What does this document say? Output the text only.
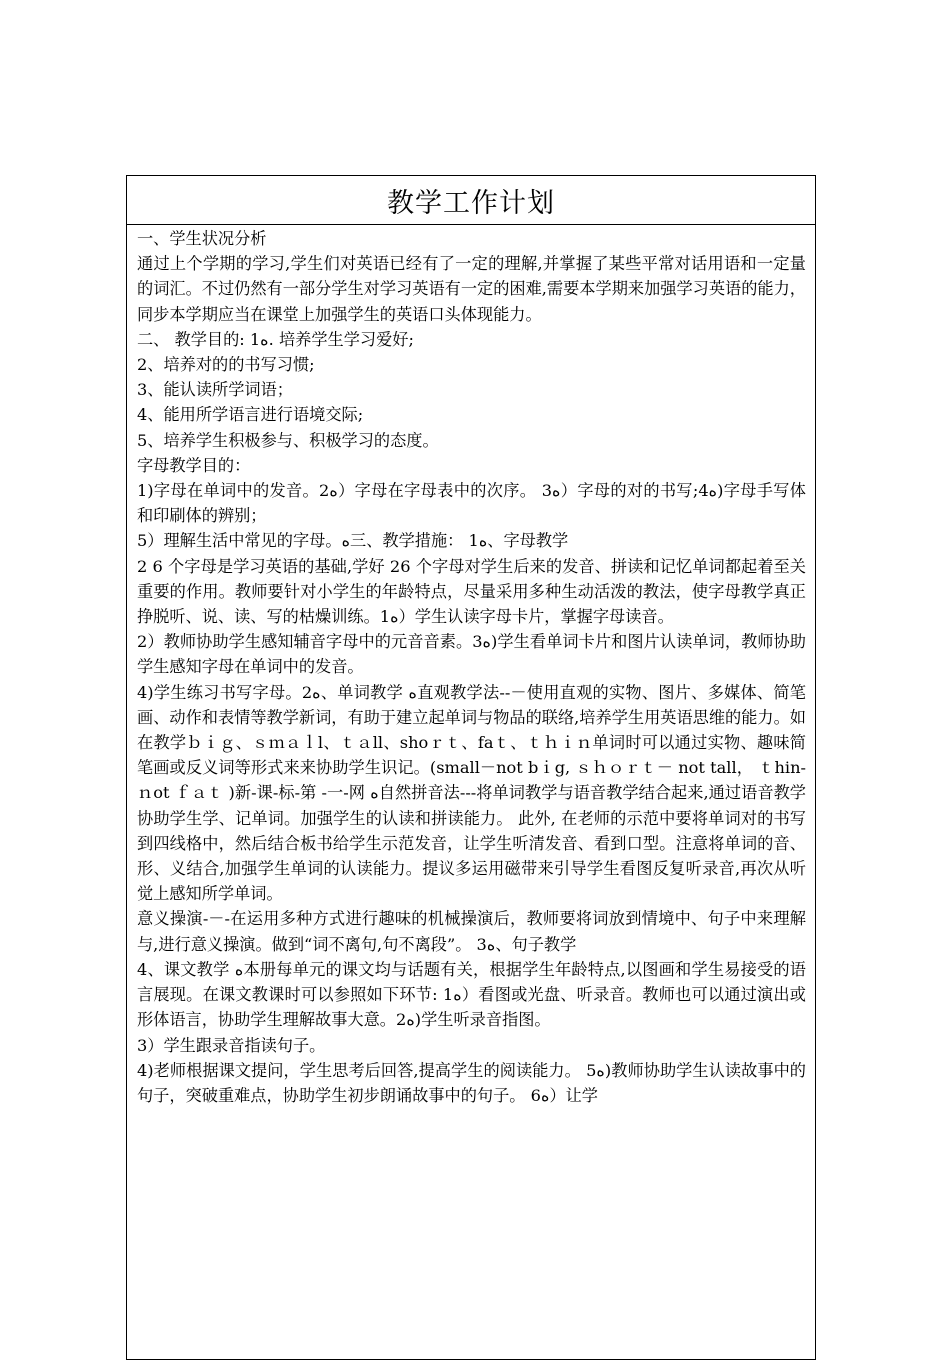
教学工作计划

一、学生状况分析

通过上个学期的学习,学生们对英语已经有了一定的理解,并掌握了某些平常对话用语和一定量的词汇。不过仍然有一部分学生对学习英语有一定的困难,需要本学期来加强学习英语的能力，同步本学期应当在课堂上加强学生的英语口头体现能力。

二、 教学目的: 1ه. 培养学生学习爱好;

2、培养对的的书写习惯;

3、能认读所学词语；

4、能用所学语言进行语境交际;

5、培养学生积极参与、积极学习的态度。

字母教学目的：

1)字母在单词中的发音。2ه）字母在字母表中的次序。 3ه）字母的对的书写;4ه)字母手写体和印刷体的辨别；

5）理解生活中常见的字母。ه三、教学措施： 1ه、字母教学

2 6 个字母是学习英语的基础,学好 26 个字母对学生后来的发音、拼读和记忆单词都起着至关重要的作用。教师要针对小学生的年龄特点，尽量采用多种生动活泼的教法，使字母教学真正挣脱听、说、读、写的枯燥训练。1ه）学生认读字母卡片，掌握字母读音。

2）教师协助学生感知辅音字母中的元音音素。3ه)学生看单词卡片和图片认读单词，教师协助学生感知字母在单词中的发音。

4)学生练习书写字母。2ه、单词教学 ه直观教学法--－使用直观的实物、图片、多媒体、简笔画、动作和表情等教学新词，有助于建立起单词与物品的联络,培养学生用英语思维的能力。如在教学ｂｉｇ、ｓｍａｌl、ｔａll、shoｒｔ、faｔ、ｔｈｉｎ单词时可以通过实物、趣味简笔画或反义词等形式来来协助学生识记。(small－not bｉg, ｓｈｏｒｔ－ not tall， ｔhin-ｎot ｆａｔ )新-课-标-第 -一-网 ه自然拼音法---将单词教学与语音教学结合起来,通过语音教学协助学生学、记单词。加强学生的认读和拼读能力。 此外, 在老师的示范中要将单词对的书写到四线格中，然后结合板书给学生示范发音，让学生听清发音、看到口型。注意将单词的音、形、义结合,加强学生单词的认读能力。提议多运用磁带来引导学生看图反复听录音,再次从听觉上感知所学单词。

意义操演-－-在运用多种方式进行趣味的机械操演后，教师要将词放到情境中、句子中来理解与,进行意义操演。做到“词不离句,句不离段”。 3ه、句子教学

4、课文教学 ه本册每单元的课文均与话题有关，根据学生年龄特点,以图画和学生易接受的语言展现。在课文教课时可以参照如下环节: 1ه）看图或光盘、听录音。教师也可以通过演出或形体语言，协助学生理解故事大意。2ه)学生听录音指图。

3）学生跟录音指读句子。

4)老师根据课文提问，学生思考后回答,提高学生的阅读能力。 5ه)教师协助学生认读故事中的句子，突破重难点，协助学生初步朗诵故事中的句子。 6ه）让学
